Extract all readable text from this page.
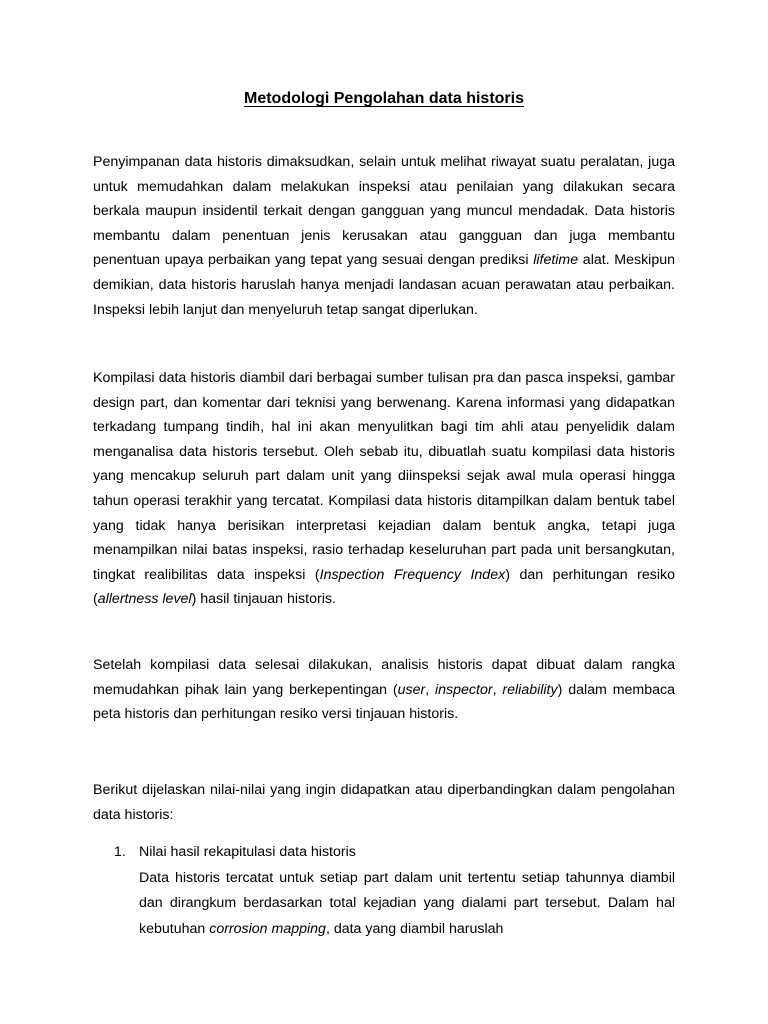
Metodologi Pengolahan data historis

Penyimpanan data historis dimaksudkan, selain untuk melihat riwayat suatu peralatan, juga untuk memudahkan dalam melakukan inspeksi atau penilaian yang dilakukan secara berkala maupun insidentil terkait dengan gangguan yang muncul mendadak. Data historis membantu dalam penentuan jenis kerusakan atau gangguan dan juga membantu penentuan upaya perbaikan yang tepat yang sesuai dengan prediksi lifetime alat. Meskipun demikian, data historis haruslah hanya menjadi landasan acuan perawatan atau perbaikan. Inspeksi lebih lanjut dan menyeluruh tetap sangat diperlukan.

Kompilasi data historis diambil dari berbagai sumber tulisan pra dan pasca inspeksi, gambar design part, dan komentar dari teknisi yang berwenang. Karena informasi yang didapatkan terkadang tumpang tindih, hal ini akan menyulitkan bagi tim ahli atau penyelidik dalam menganalisa data historis tersebut. Oleh sebab itu, dibuatlah suatu kompilasi data historis yang mencakup seluruh part dalam unit yang diinspeksi sejak awal mula operasi hingga tahun operasi terakhir yang tercatat. Kompilasi data historis ditampilkan dalam bentuk tabel yang tidak hanya berisikan interpretasi kejadian dalam bentuk angka, tetapi juga menampilkan nilai batas inspeksi, rasio terhadap keseluruhan part pada unit bersangkutan, tingkat realibilitas data inspeksi (Inspection Frequency Index) dan perhitungan resiko (allertness level) hasil tinjauan historis.

Setelah kompilasi data selesai dilakukan, analisis historis dapat dibuat dalam rangka memudahkan pihak lain yang berkepentingan (user, inspector, reliability) dalam membaca peta historis dan perhitungan resiko versi tinjauan historis.

Berikut dijelaskan nilai-nilai yang ingin didapatkan atau diperbandingkan dalam pengolahan data historis:

1. Nilai hasil rekapitulasi data historis
Data historis tercatat untuk setiap part dalam unit tertentu setiap tahunnya diambil dan dirangkum berdasarkan total kejadian yang dialami part tersebut. Dalam hal kebutuhan corrosion mapping, data yang diambil haruslah
